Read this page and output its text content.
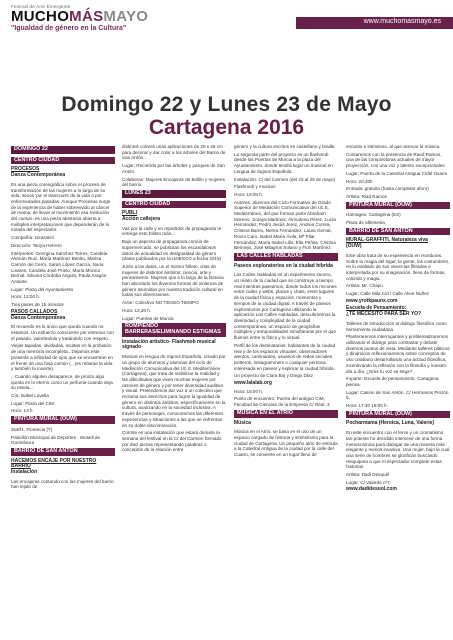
Festival de Arte Emergente
MUCHOMÁSMAYO
"Igualdad de género en la Cultura"
www.muchomasmayo.es
Domingo 22 y Lunes 23 de Mayo
Cartagena 2016
DOMINGO 22
CENTRO CIUDAD
PROCESOS
Danza Contemporánea

Es una pieza coreográfica sobre el proceso de transformación de las mujeres a lo largo de su vida, sexos ‘pa’ el transcurrir de la vida o por enfermedades pasadas. Aunque Procesos surge de la experiencia de haber sobrevivido al cáncer de mama, de llevar al movimiento esa evolución del cuerpo, es una pieza abstracta abierta a múltiples interpretaciones que dependerán de la mirada del espectador.

Compañía: Girasolez

Dirección: Tanya Herrero

Intérpretes: Georgina Sánchez Torres, Candela Alemán Ruiz, María Martínez Benito, Marisa Carrión del Cerro, Sarah López García, Nuria Linares, Candela José Prieto, María Mónico Bernal, Silvana Córdoba Angulo, Paula Aragón Amante.

Lugar: Plaza del Ayuntamiento

Hora: 12:00 h.

Tres pases de 15 minutos

PASOS CALLADOS
Danza Contemporánea

El recuerdo es lo único que queda cuando no estamos. Un esfuerzo consciente por entrenar con el pasado, valorándola y tratándolo con respeto.

Viejas tapadas, olvidadas, ocultas en la profusión de una memoria incompleta...Dejamos este presente a infinidad de ojos que se encuentran en el frente de una fosa común (...)es rebarse la vida y también la muerte).

...Cuando algulen desaparece, de pronto algo queda en lo eterno como un perfume cuando deja su estela...

Cía: Isabel Lavella

Lugar: Plaza del CIM

Hora: 13 h.

PINTURA MURAL (OUW)

2wEf1. Florencia [T]

Pabellón Municipal de Deportes · Wosell de Gurimbarra

BARRIO DE SAN ANTÓN
HACEMOS ENCAJE POR NUESTRO BARRIO
Instalación

Las encajeras contando con las mujeres del barrio han tejido de

distintos colores unas aplicaciones de 25 x 25 cm para decorar y dar color a los árboles del Barrio de San Antón.

Lugar: Recorrido por las árboles y parques de San Antón.

Colaboran: Mujeres Encajeras de Bolillo y mujeres del barrio.

LUNES 23
CENTRO CIUDAD
PUBLI
Acción callejera

Vas por la calle y un repartidor de propaganda te entrega esto folleto más...

Bajo un aspecto de propaganda común de supermercado, se publicitan los escandalosos datos de actualidad en desigualdad de género (datos publicados por la UNESCO a fecha 2015)

Junto a los datos, un el mismo folleto, citas de mujeres de distintos ámbitos: ciencia, arte y pensamiento. Mujeres que a lo largo de la historia han abordado los diversos formas de violencia de género asumidas por nuestra tradición cultural en todas sus dimensiones.

Actor: Colectivo NO TENGO TIEMPO

Hora: 12,30 h.

Lugar: Puertas de Murcia

ROMPIENDO BARRERAS/ELIMINANDO ESTIGMAS
Instalación artístico- Flashmob musical signado

Musical en lengua de Signos Española, creado por un grupo de alumnos y alumnas del ciclo de Mediación Comunicativa del I.E.S. Mediterráneo (Cartagena), que trata de visibilizar la realidad y las dificultades que viven muchas mujeres por razones de género y por tener diversidad auditiva y visual. Pretendemos dar voz a un colectivo que reclama sus derechos para lograr la igualdad de género en distintos ámbitos, específicamente en la cultura, avanzando en la sociedad inclusiva. A través de personajes, conoceremos las diferentes experiencias y situaciones a las que se enfrentan en su doble discriminación.

Corrste es una instalación que estará durante la semana del festival en la C/ del Carmen formado por diez piezas representando palabras o conceptos de la relación entre

género y la cultura escritos en castellano y braille.

La segunda parte del proyecto es un flashmob desde las Puertas de Murcia a la plaza del Ayuntamiento, donde tendrá lugar un musical en Lengua de Signos Española.

Instalación: C/ del Carmen (del 23 al 29 de mayo)

Flashmob y musical:

Hora: 19:00 h.

Autores: alumnos del Ciclo Formativo de Grado Superior de Mediación Comunicativa del I.E.S. Mediterráneo, del que forman parte Abraham Moreno, Soraya Martínez, Almudena Pérez, Lucía Hernández, Pedro Jesús Jerez, Andrea Correa, Cristina Barrio, Nerea Fernández, Laura Gemal, Rocío Caro, Isabel María Ávila, Mª Pilar Fernández, María Isabel Lillo, Ella Peñas, Cristina Bermejo, José Milagros Solano y Fion Martínez.

LAS CALLES HABLADAS
Paseos exploratorios en la ciudad híbrida

Las Calles Habladas es un experimento sonoro, un relato de la ciudad que se construye a tiempo real mientras paseamos, donde todos los rincones entre calles y webs, plazas y chats, entre lugares de la ciudad física y espacios, momentos y tiempos de la ciudad digital. A través de paseos exploratorios por Cartagena utilizando la aplicación Las Calles Habladas, descubriremos la diversidad y complejidad de la ciudad contemporánea, un espacio de geografías múltiples y temporalidades simultáneas por el que fluimos entre lo físico y lo virtual.

Perfil de los destinatarios: habitantes de la ciudad real y de los espacios virtuales, observadores atentos, caminantes, usuarios de redes sociales, twitteros, instagrammers o cualquier persona interesada en pasear y explorar la ciudad híbrida.

Un proyecto de Clara Boj y Diego Díaz

www.lalalab.org

Hora: 18:00 h.

Punto de encuentro: Puerta del antiguo CIM, Facultad de Ciencias de la Empresa C/ Real, 3

MÚSICA EN EL ATRIO
Música

Música en el Atrio, se basa en el uso de un espacio cargado de historia y simbolismo para la ciudad de Cartagena. Un pequeño atrio de entrada a la Catedral Antigua de la ciudad por la calle del Cuatro, se convierte en un lugar lleno de

encanto e intimismo, al que acercar la música.

Contaremos con la presencia de Raed Ramos, una de las compositoras actuales de mayor proyección, con una voz y talento excepcionales.

Lugar: Puerta de la Catedral Antigua C/del Osario

Hora: 20,30h

Entrada: gratuita (hasta completar aforo)

Artista: Riad Ramos

PINTURA MURAL (OUW)

Harnageo. Cartagena (ES)

Plaza de alfentesia

BARRIO DE SAN ANTÓN
MURAL-GRAFFITI. Naturaleza viva
(OUW)

Este obra trata de su experiencia en Honduras. Sobre la magia del lugar, la gente, los costumbres, en lo exaltado de sus vivencias filtradas e interpretada por su imaginación, llena de formas, colorido y magia.

Artista: Mr. Chapu

Lugar: Calle Mila Cid / Calle Alvar Núñez

www.yrotkpaunx.com

Escuela de Pensamiento:
¿TE MECESITO PARA SER YO?

Talleres de introducción al diálogo filosófico como herramienta ciudadana.

Planteraremos interrogantes y problematizaremos utilizando el diálogo para contrastar y debatir diversos puntos de vista. Mediante talleres pláticos y dinámicos reflexionaremos sobre conceptos de uso cotidiano desarrollando una actitud filosófica, incentivando la reflexión con la filosofía y nuestro día a día. ¿Eres tú voz se sega?

Imparte: Escuela de pensamiento, Cartagena piensa.

Lugar: Casino de San Antón. C/ Hermanos Pinzón 5.

Hora: 17:30 19:00 h.

PINTURA MURAL (OUW)
Pocharmama (Heroica, Luna, Valerie)

En este encuentro con el fervo y un cromatismo tan potente he decidido intervenir de una forma menoscárnica para dialogar de una manera más elegante y menos invasiva. Una mujer, bajo la cual una serie de hombres se glorifican buscando reequipara a que el espectador complete estas historias.

Artista: Dadi Desquél

Lugar: C/ Valarde nº7.

www.dadidesuol.com
